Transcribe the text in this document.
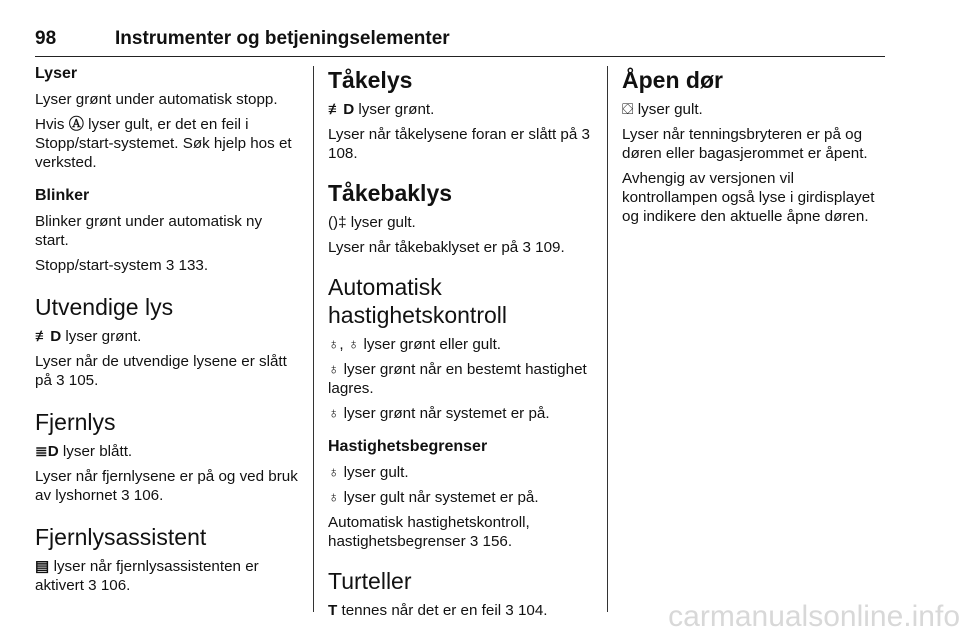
98	Instrumenter og betjeningselementer
Lyser

Lyser grønt under automatisk stopp.

Hvis Ⓐ lyser gult, er det en feil i Stopp/start-systemet. Søk hjelp hos et verksted.

Blinker

Blinker grønt under automatisk ny start.

Stopp/start-system 3 133.

Utvendige lys

≢D lyser grønt.

Lyser når de utvendige lysene er slått på 3 105.

Fjernlys

≣D lyser blått.

Lyser når fjernlysene er på og ved bruk av lyshornet 3 106.

Fjernlysassistent

▤ lyser når fjernlysassistenten er aktivert 3 106.

Tåkelys

≢D lyser grønt.

Lyser når tåkelysene foran er slått på 3 108.

Tåkebaklys

()‡ lyser gult.

Lyser når tåkebaklyset er på 3 109.

Automatisk hastighetskontroll

♁, ♁ lyser grønt eller gult.

♁ lyser grønt når en bestemt hastighet lagres.

♁ lyser grønt når systemet er på.

Hastighetsbegrenser

♁ lyser gult.

♁ lyser gult når systemet er på.

Automatisk hastighetskontroll, hastighetsbegrenser 3 156.

Turteller

T tennes når det er en feil 3 104.

Åpen dør

⛋ lyser gult.

Lyser når tenningsbryteren er på og døren eller bagasjerommet er åpent.

Avhengig av versjonen vil kontrollampen også lyse i girdisplayet og indikere den aktuelle åpne døren.

carmanualsonline.info
